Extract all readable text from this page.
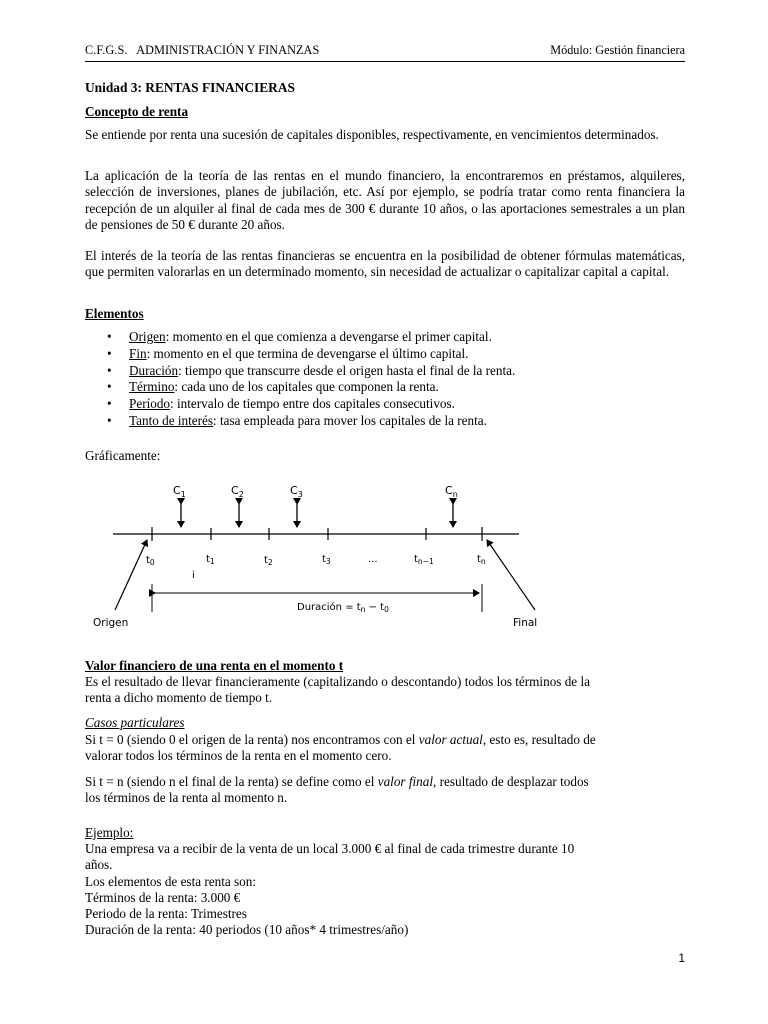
C.F.G.S.   ADMINISTRACIÓN Y FINANZAS	Módulo: Gestión financiera
Unidad 3: RENTAS FINANCIERAS
Concepto de renta
Se entiende por renta una sucesión de capitales disponibles, respectivamente, en vencimientos determinados.
La aplicación de la teoría de las rentas en el mundo financiero, la encontraremos en préstamos, alquileres, selección de inversiones, planes de jubilación, etc. Así por ejemplo, se podría tratar como renta financiera la recepción de un alquiler al final de cada mes de 300 € durante 10 años, o las aportaciones semestrales a un plan de pensiones de 50 € durante 20 años.
El interés de la teoría de las rentas financieras se encuentra en la posibilidad de obtener fórmulas matemáticas, que permiten valorarlas en un determinado momento, sin necesidad de actualizar o capitalizar capital a capital.
Elementos
• Origen: momento en el que comienza a devengarse el primer capital.
• Fin: momento en el que termina de devengarse el último capital.
• Duración: tiempo que transcurre desde el origen hasta el final de la renta.
• Término: cada uno de los capitales que componen la renta.
• Período: intervalo de tiempo entre dos capitales consecutivos.
• Tanto de interés: tasa empleada para mover los capitales de la renta.
Gráficamente:
$C_1$	$C_2$	$C_3$	$C_n$
$t_0$	$t_1$	$t_2$	$t_3$	...	$t_{n-1}$	$t_n$
i
Duración = $t_n - t_0$
Origen	Final
Valor financiero de una renta en el momento t
Es el resultado de llevar financieramente (capitalizando o descontando) todos los términos de la
renta a dicho momento de tiempo t.
Casos particulares
Si t = 0 (siendo 0 el origen de la renta) nos encontramos con el valor actual, esto es, resultado de
valorar todos los términos de la renta en el momento cero.
Si t = n (siendo n el final de la renta) se define como el valor final, resultado de desplazar todos
los términos de la renta al momento n.
Ejemplo:
Una empresa va a recibir de la venta de un local 3.000 € al final de cada trimestre durante 10
años.
Los elementos de esta renta son:
Términos de la renta: 3.000 €
Periodo de la renta: Trimestres
Duración de la renta: 40 periodos (10 años* 4 trimestres/año)
1
